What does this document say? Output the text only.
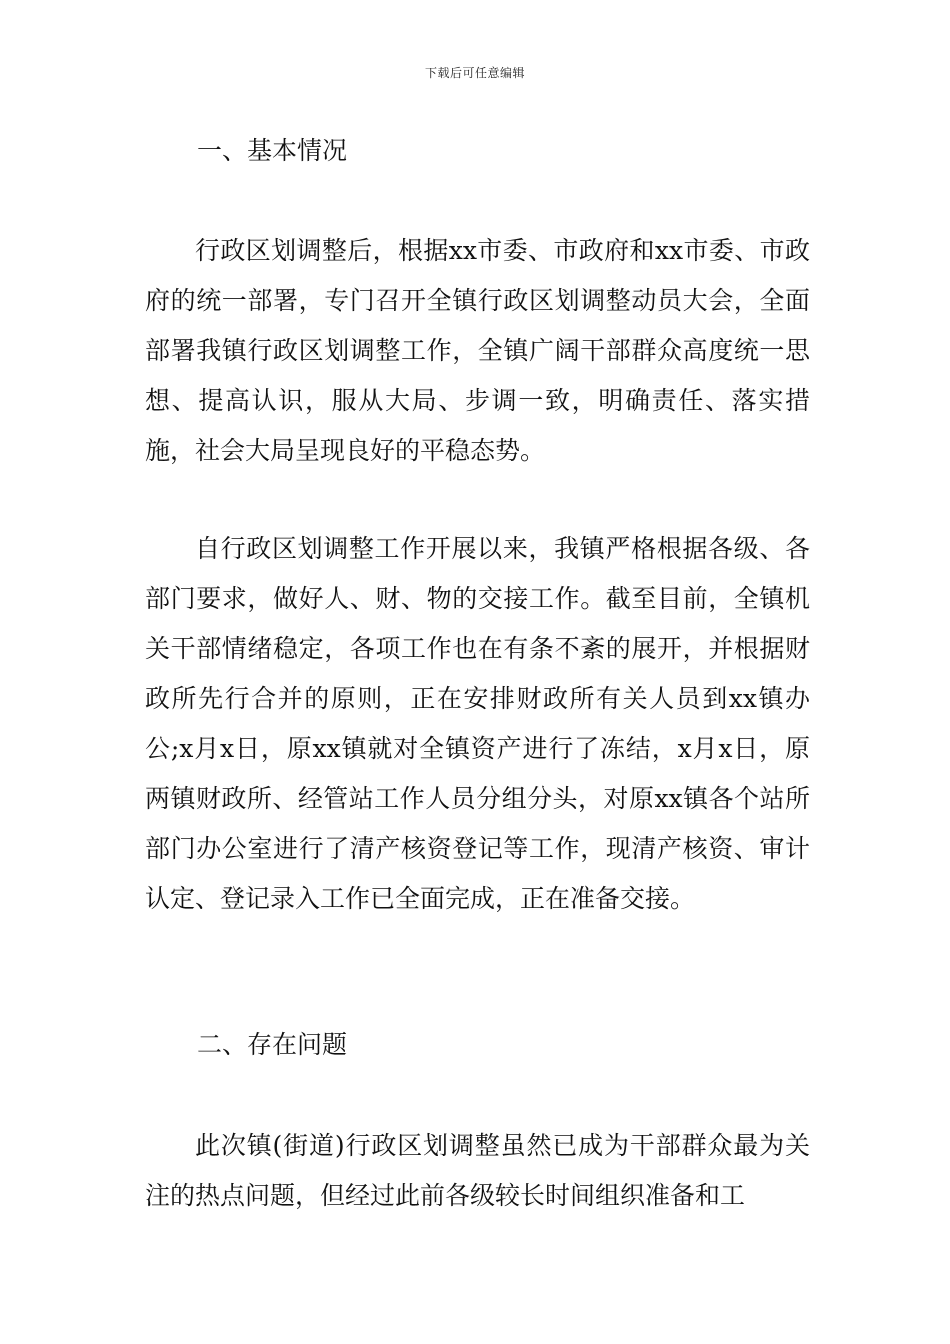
下载后可任意编辑
一、基本情况

行政区划调整后，根据xx市委、市政府和xx市委、市政府的统一部署，专门召开全镇行政区划调整动员大会，全面部署我镇行政区划调整工作，全镇广阔干部群众高度统一思想、提高认识，服从大局、步调一致，明确责任、落实措施，社会大局呈现良好的平稳态势。

自行政区划调整工作开展以来，我镇严格根据各级、各部门要求，做好人、财、物的交接工作。截至目前，全镇机关干部情绪稳定，各项工作也在有条不紊的展开，并根据财政所先行合并的原则，正在安排财政所有关人员到xx镇办公;x月x日，原xx镇就对全镇资产进行了冻结，x月x日，原两镇财政所、经管站工作人员分组分头，对原xx镇各个站所部门办公室进行了清产核资登记等工作，现清产核资、审计认定、登记录入工作已全面完成，正在准备交接。

二、存在问题

此次镇(街道)行政区划调整虽然已成为干部群众最为关注的热点问题，但经过此前各级较长时间组织准备和工
